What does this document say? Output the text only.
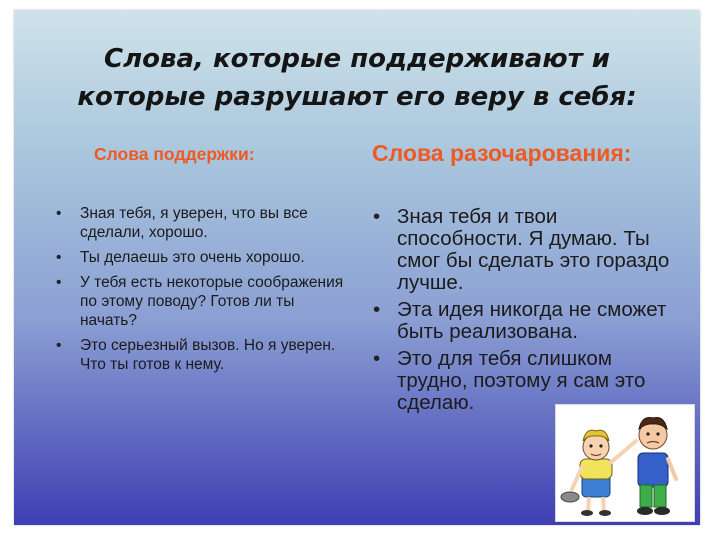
Слова, которые поддерживают и
которые разрушают его веру в себя:
Слова поддержки:	Слова разочарования:
• Зная тебя, я уверен, что вы все сделали, хорошо.
• Ты делаешь это очень хорошо.
• У тебя есть некоторые соображения по этому поводу? Готов ли ты начать?
• Это серьезный вызов. Но я уверен. Что ты готов к нему.
• Зная тебя и твои способности. Я думаю. Ты смог бы сделать это гораздо лучше.
• Эта идея никогда не сможет быть реализована.
• Это для тебя слишком трудно, поэтому я сам это сделаю.
